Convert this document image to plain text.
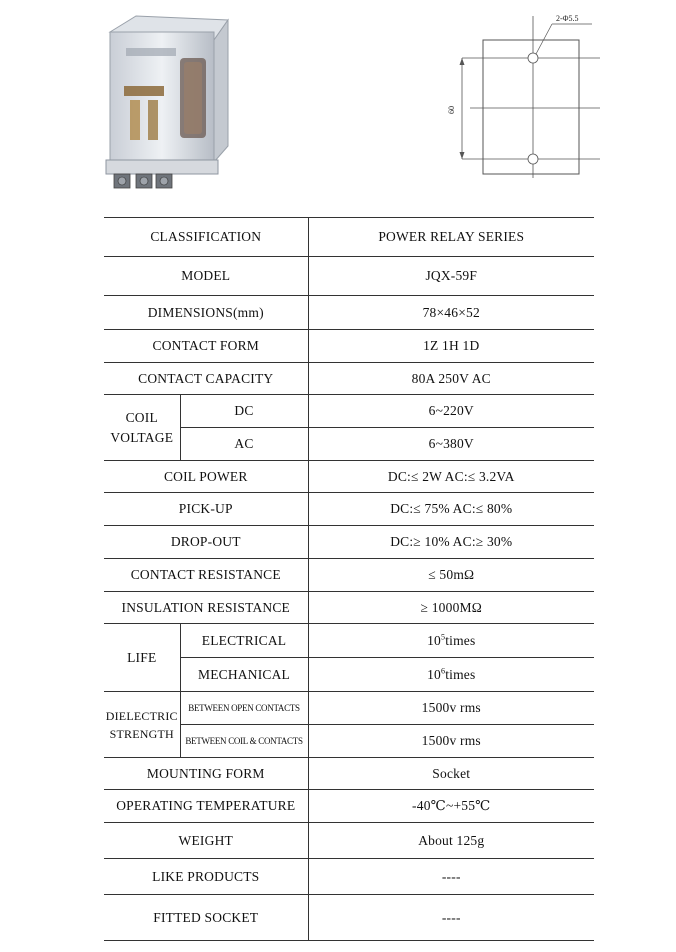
60
2-Φ5.5
CLASSIFICATION		POWER RELAY SERIES
MODEL		JQX-59F
DIMENSIONS(mm)		78×46×52
CONTACT FORM		1Z 1H 1D
CONTACT CAPACITY		80A 250V AC
COIL
VOLTAGE	DC	6~220V
	AC	6~380V
COIL POWER		DC:≤ 2W AC:≤ 3.2VA
PICK-UP		DC:≤ 75% AC:≤ 80%
DROP-OUT		DC:≥ 10% AC:≥ 30%
CONTACT RESISTANCE		≤ 50mΩ
INSULATION RESISTANCE		≥ 1000MΩ
LIFE	ELECTRICAL	$10^5times$
	MECHANICAL	$10^6times$
DIELECTRIC
STRENGTH	BETWEEN OPEN CONTACTS	1500v rms
	BETWEEN COIL & CONTACTS	1500v rms
MOUNTING FORM		Socket
OPERATING TEMPERATURE		-40℃~+55℃
WEIGHT		About 125g
LIKE PRODUCTS		----
FITTED SOCKET		----
